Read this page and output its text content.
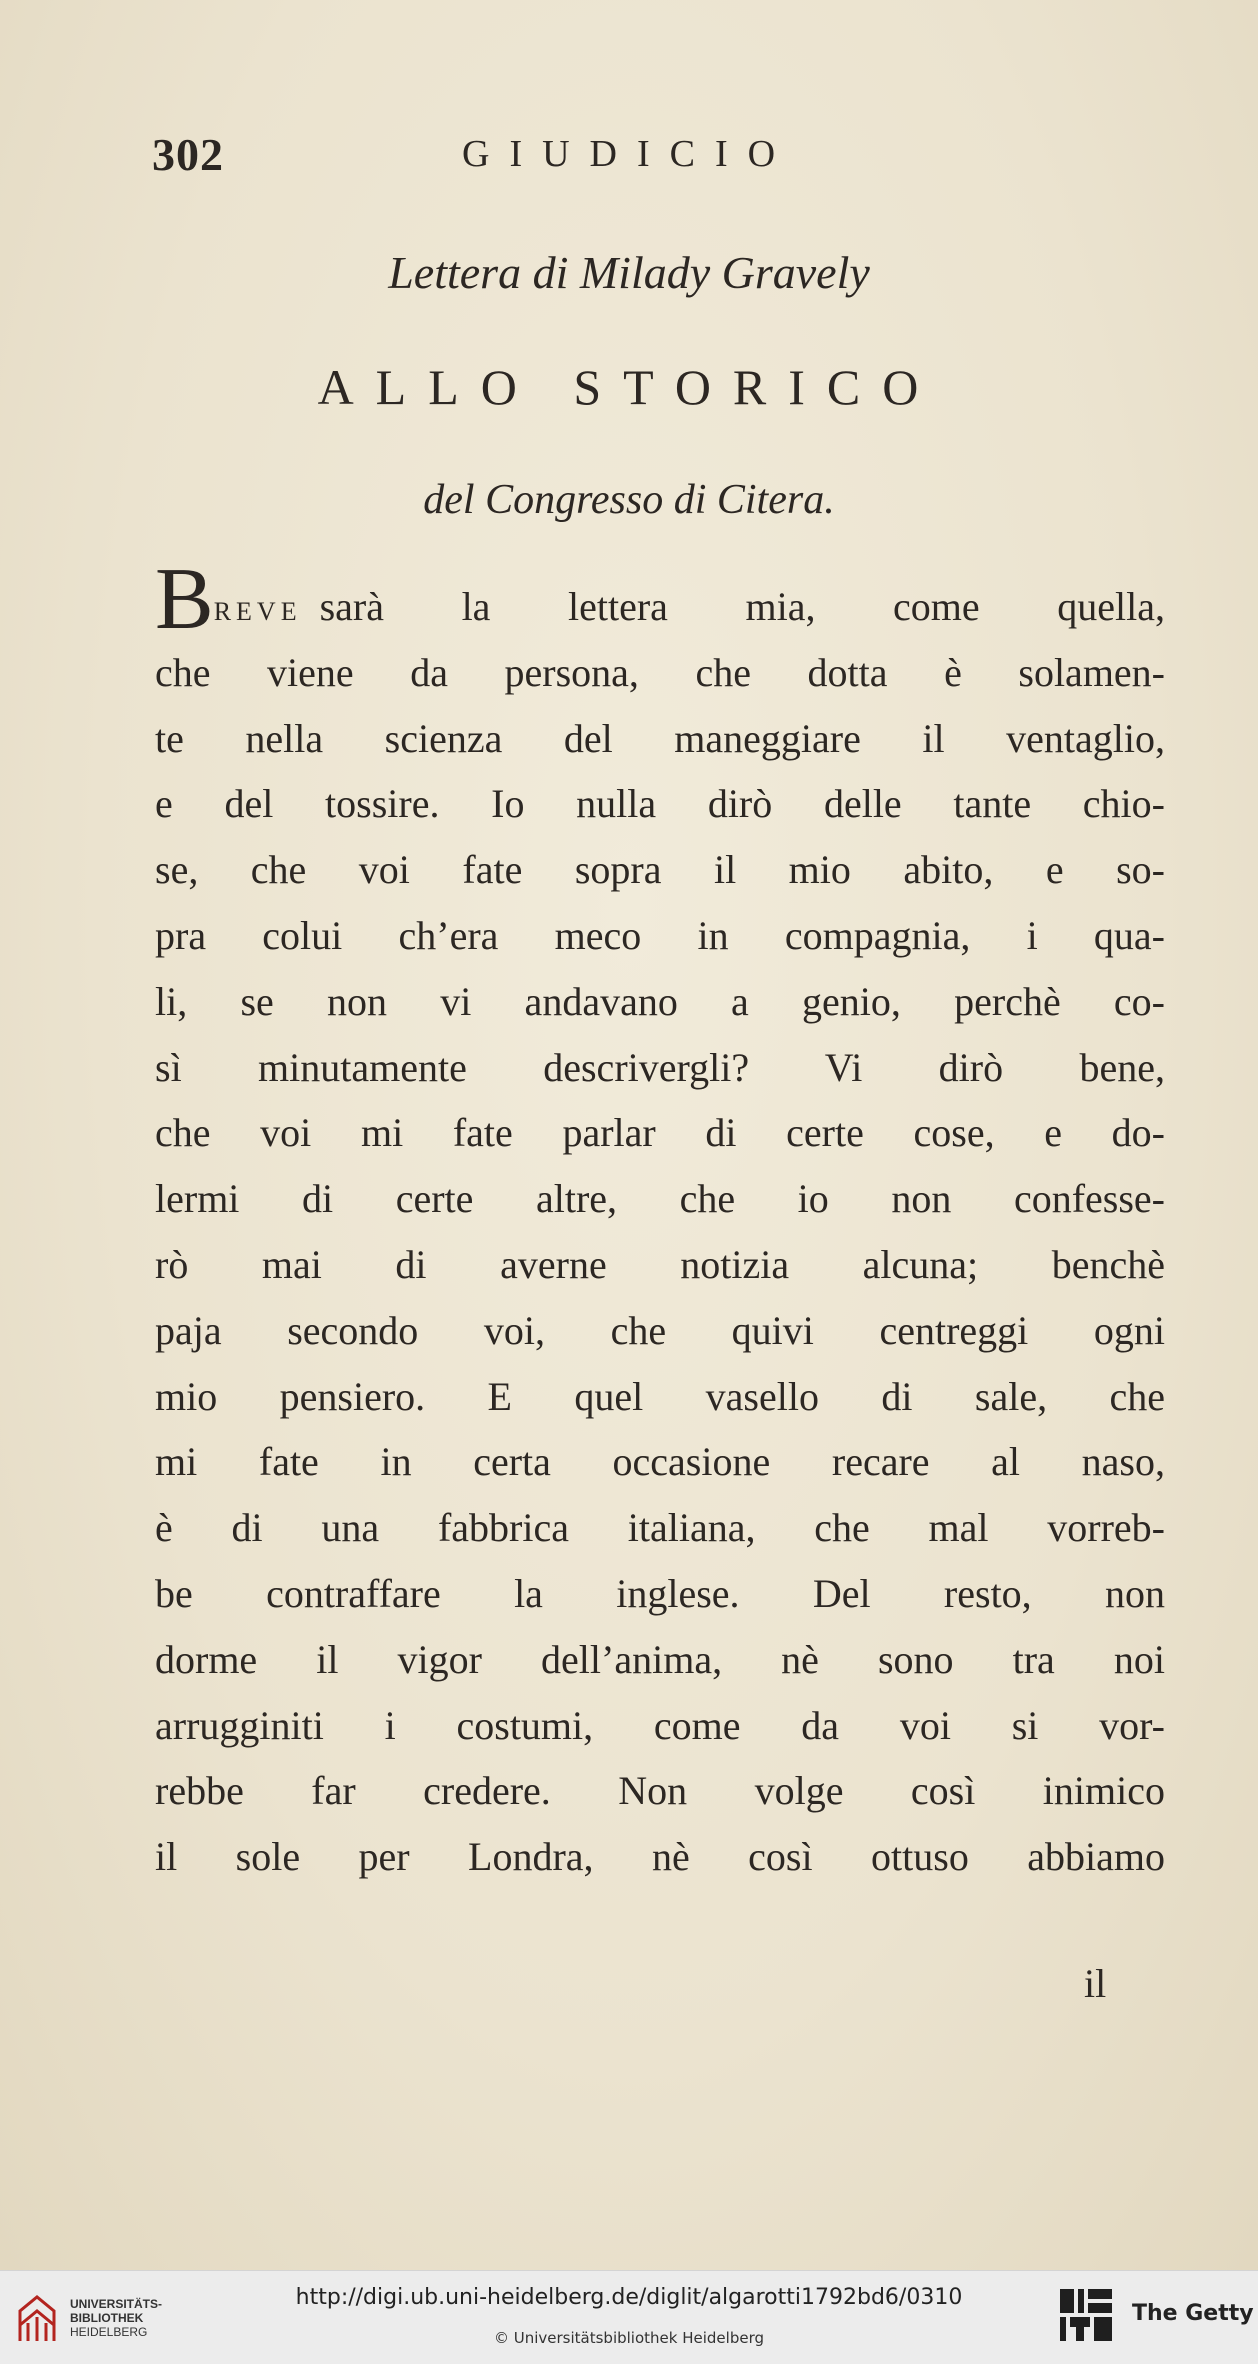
302	GIUDICIO
Lettera di Milady Gravely
ALLO STORICO
del Congresso di Citera.
BREVE sarà la lettera mia, come quella,
che viene da persona, che dotta è solamen-
te nella scienza del maneggiare il ventaglio,
e del tossire. Io nulla dirò delle tante chio-
se, che voi fate sopra il mio abito, e so-
pra colui ch’era meco in compagnia, i qua-
li, se non vi andavano a genio, perchè co-
sì minutamente descrivergli? Vi dirò bene,
che voi mi fate parlar di certe cose, e do-
lermi di certe altre, che io non confesse-
rò mai di averne notizia alcuna; benchè
paja secondo voi, che quivi centreggi ogni
mio pensiero. E quel vasello di sale, che
mi fate in certa occasione recare al naso,
è di una fabbrica italiana, che mal vorreb-
be contraffare la inglese. Del resto, non
dorme il vigor dell’anima, nè sono tra noi
arrugginiti i costumi, come da voi si vor-
rebbe far credere. Non volge così inimico
il sole per Londra, nè così ottuso abbiamo
il
UNIVERSITÄTS-
BIBLIOTHEK
HEIDELBERG
http://digi.ub.uni-heidelberg.de/diglit/algarotti1792bd6/0310
© Universitätsbibliothek Heidelberg
The Getty
